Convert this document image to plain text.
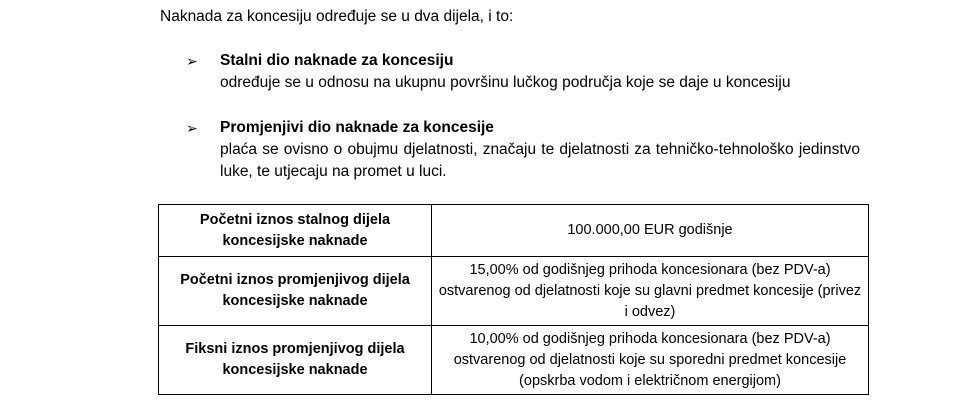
Naknada za koncesiju određuje se u dva dijela, i to:
➢ Stalni dio naknade za koncesiju
određuje se u odnosu na ukupnu površinu lučkog područja koje se daje u koncesiju
➢ Promjenjivi dio naknade za koncesije
plaća se ovisno o obujmu djelatnosti, značaju te djelatnosti za tehničko-tehnološko jedinstvo luke, te utjecaju na promet u luci.
Početni iznos stalnog dijela koncesijske naknade	100.000,00 EUR godišnje
Početni iznos promjenjivog dijela koncesijske naknade	15,00% od godišnjeg prihoda koncesionara (bez PDV-a) ostvarenog od djelatnosti koje su glavni predmet koncesije (privez i odvez)
Fiksni iznos promjenjivog dijela koncesijske naknade	10,00% od godišnjeg prihoda koncesionara (bez PDV-a) ostvarenog od djelatnosti koje su sporedni predmet koncesije (opskrba vodom i električnom energijom)
